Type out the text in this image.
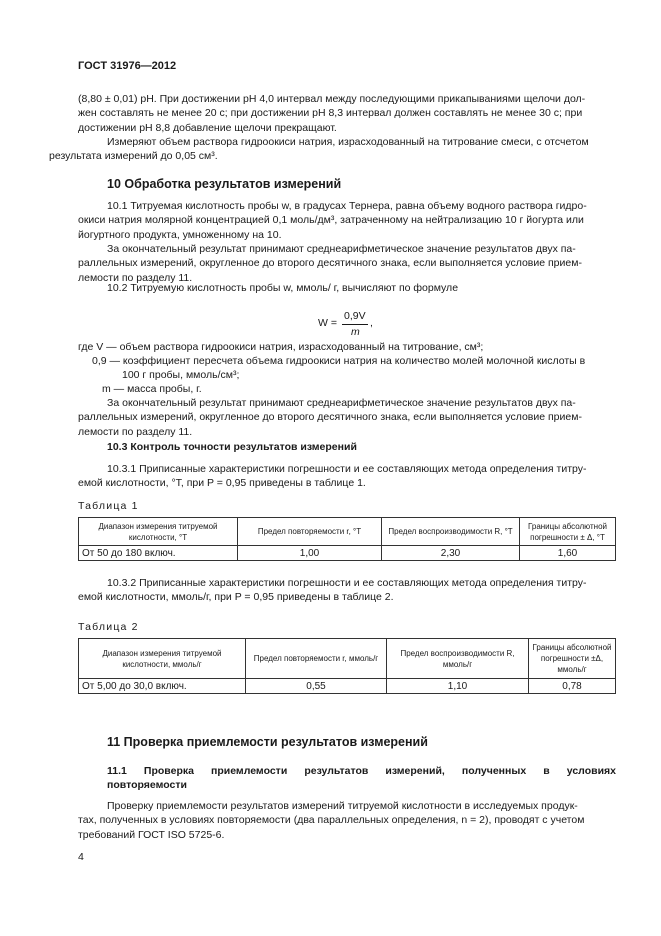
ГОСТ 31976—2012

(8,80 ± 0,01) pH. При достижении pH 4,0 интервал между последующими прикапываниями щелочи дол-
жен составлять не менее 20 с; при достижении pH 8,3 интервал должен составлять не менее 30 с; при
достижении pH 8,8 добавление щелочи прекращают.

Измеряют объем раствора гидроокиси натрия, израсходованный на титрование смеси, с отсчетом
результата измерений до 0,05 см³.

10 Обработка результатов измерений

10.1 Титруемая кислотность пробы w, в градусах Тернера, равна объему водного раствора гидро-
окиси натрия молярной концентрацией 0,1 моль/дм³, затраченному на нейтрализацию 10 г йогурта или
йогуртного продукта, умноженному на 10.

За окончательный результат принимают среднеарифметическое значение результатов двух па-
раллельных измерений, округленное до второго десятичного знака, если выполняется условие прием-
лемости по разделу 11.

10.2 Титруемую кислотность пробы w, ммоль/ г, вычисляют по формуле

W =
0,9V
m
,
где V — объем раствора гидроокиси натрия, израсходованный на титрование, см³;
0,9 — коэффициент пересчета объема гидроокиси натрия на количество молей молочной кислоты в
100 г пробы, ммоль/см³;
m — масса пробы, г.

За окончательный результат принимают среднеарифметическое значение результатов двух па-
раллельных измерений, округленное до второго десятичного знака, если выполняется условие прием-
лемости по разделу 11.

10.3 Контроль точности результатов измерений

10.3.1 Приписанные характеристики погрешности и ее составляющих метода определения титру-
емой кислотности, °Т, при P = 0,95 приведены в таблице 1.

Таблица 1
Диапазон измерения титруемой кислотности, °Т	Предел повторяемости r, °Т	Предел воспроизводимости R, °Т	Границы абсолютной погрешности ± Δ, °Т
От 50 до 180 включ.	1,00	2,30	1,60

10.3.2 Приписанные характеристики погрешности и ее составляющих метода определения титру-
емой кислотности, ммоль/г, при P = 0,95 приведены в таблице 2.

Таблица 2
Диапазон измерения титруемой кислотности, ммоль/г	Предел повторяемости r, ммоль/г	Предел воспроизводимости R, ммоль/г	Границы абсолютной погрешности ±Δ, ммоль/г
От 5,00 до 30,0 включ.	0,55	1,10	0,78
11 Проверка приемлемости результатов измерений
11.1 Проверка приемлемости результатов измерений, полученных в условиях
повторяемости

Проверку приемлемости результатов измерений титруемой кислотности в исследуемых продук-
тах, полученных в условиях повторяемости (два параллельных определения, n = 2), проводят с учетом
требований ГОСТ ISO 5725-6.

4
